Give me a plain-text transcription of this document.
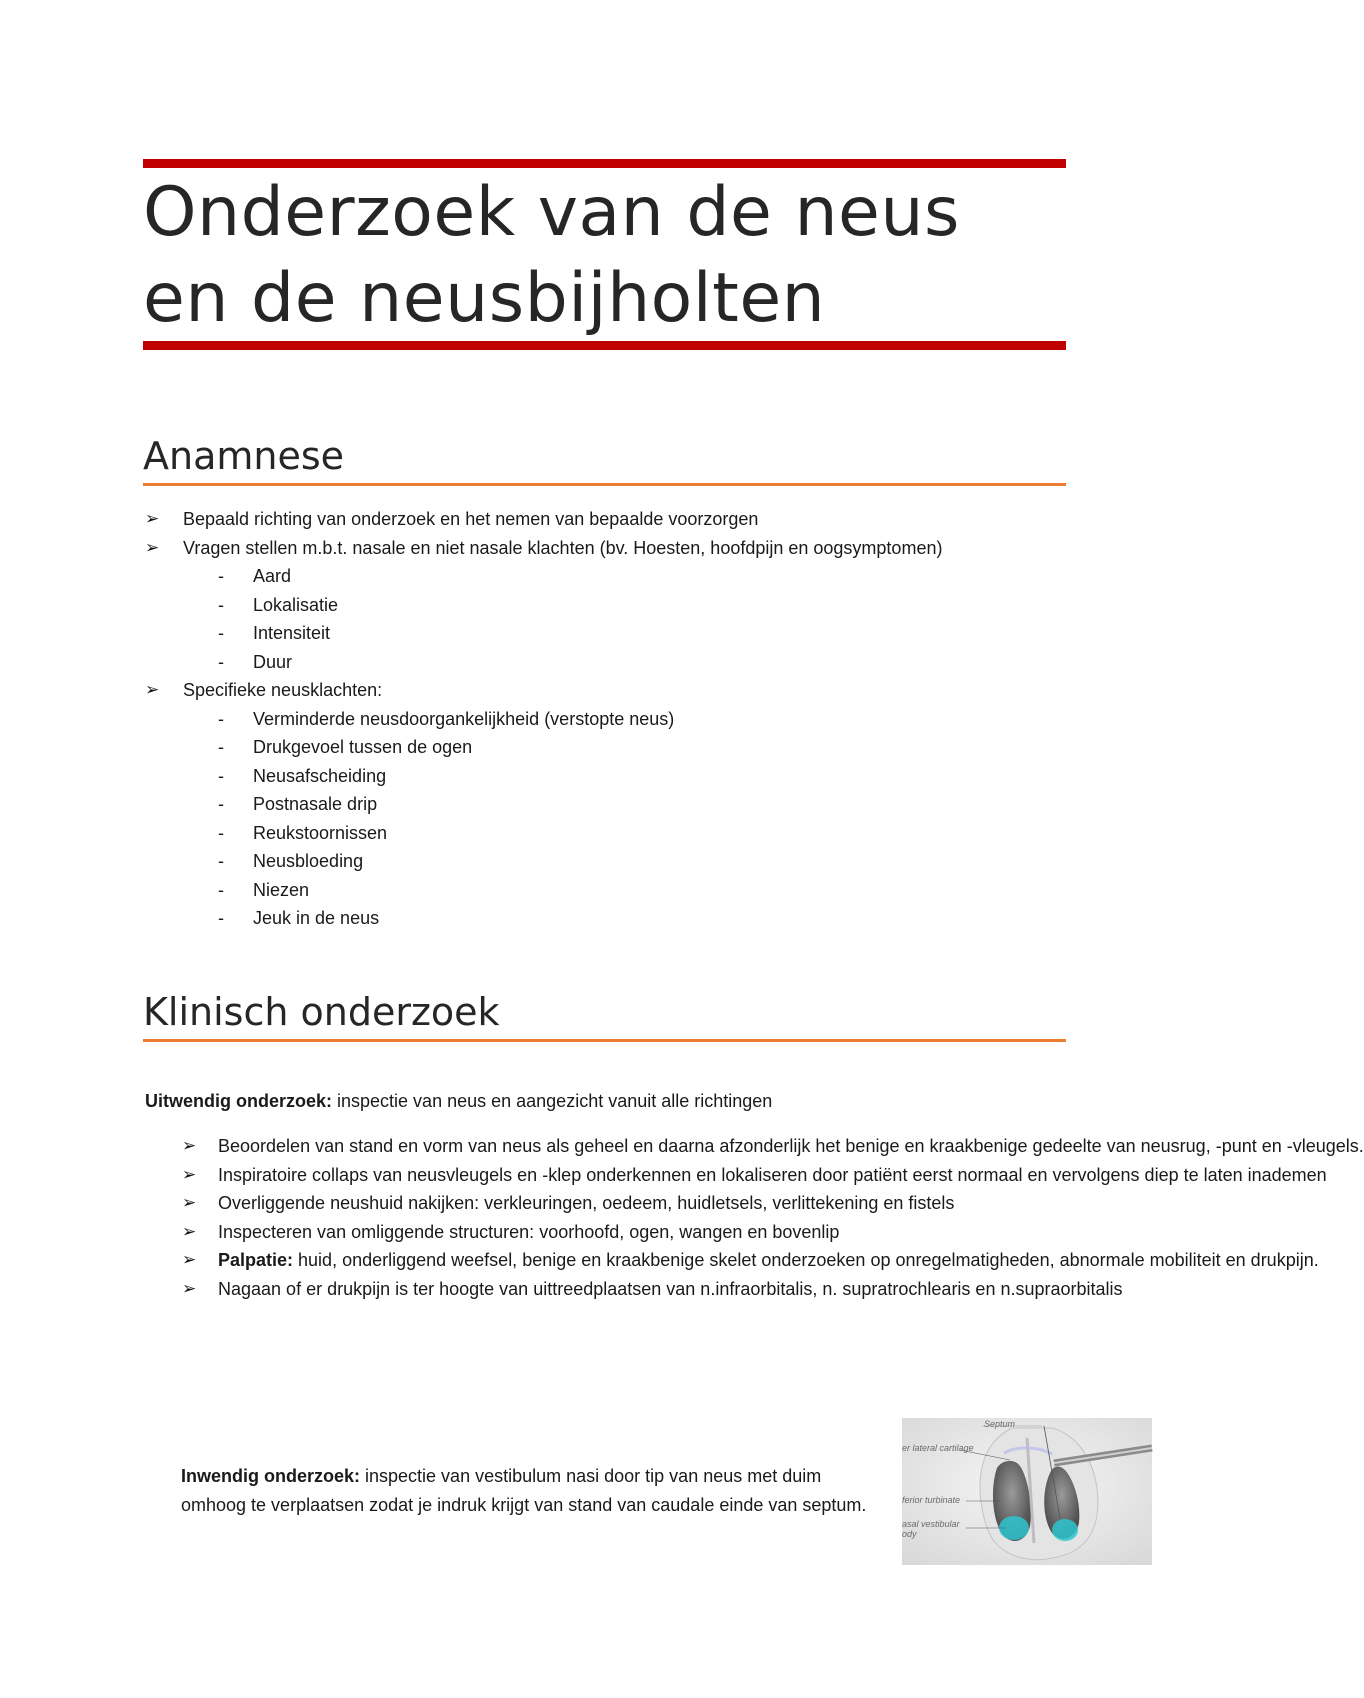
Onderzoek van de neus
en de neusbijholten
Anamnese
➢ Bepaald richting van onderzoek en het nemen van bepaalde voorzorgen
➢ Vragen stellen m.b.t. nasale en niet nasale klachten (bv. Hoesten, hoofdpijn en oogsymptomen)
- Aard
- Lokalisatie
- Intensiteit
- Duur
➢ Specifieke neusklachten:
- Verminderde neusdoorgankelijkheid (verstopte neus)
- Drukgevoel tussen de ogen
- Neusafscheiding
- Postnasale drip
- Reukstoornissen
- Neusbloeding
- Niezen
- Jeuk in de neus
Klinisch onderzoek
Uitwendig onderzoek: inspectie van neus en aangezicht vanuit alle richtingen
➢ Beoordelen van stand en vorm van neus als geheel en daarna afzonderlijk het benige en kraakbenige gedeelte van neusrug, -punt en -vleugels.
➢ Inspiratoire collaps van neusvleugels en -klep onderkennen en lokaliseren door patiënt eerst normaal en vervolgens diep te laten inademen
➢ Overliggende neushuid nakijken: verkleuringen, oedeem, huidletsels, verlittekening en fistels
➢ Inspecteren van omliggende structuren: voorhoofd, ogen, wangen en bovenlip
➢ Palpatie: huid, onderliggend weefsel, benige en kraakbenige skelet onderzoeken op onregelmatigheden, abnormale mobiliteit en drukpijn.
➢ Nagaan of er drukpijn is ter hoogte van uittreedplaatsen van n.infraorbitalis, n. supratrochlearis en n.supraorbitalis
Inwendig onderzoek: inspectie van vestibulum nasi door tip van neus met duim omhoog te verplaatsen zodat je indruk krijgt van stand van caudale einde van septum.
Septum
er lateral cartilage
ferior turbinate
asal vestibular
ody
